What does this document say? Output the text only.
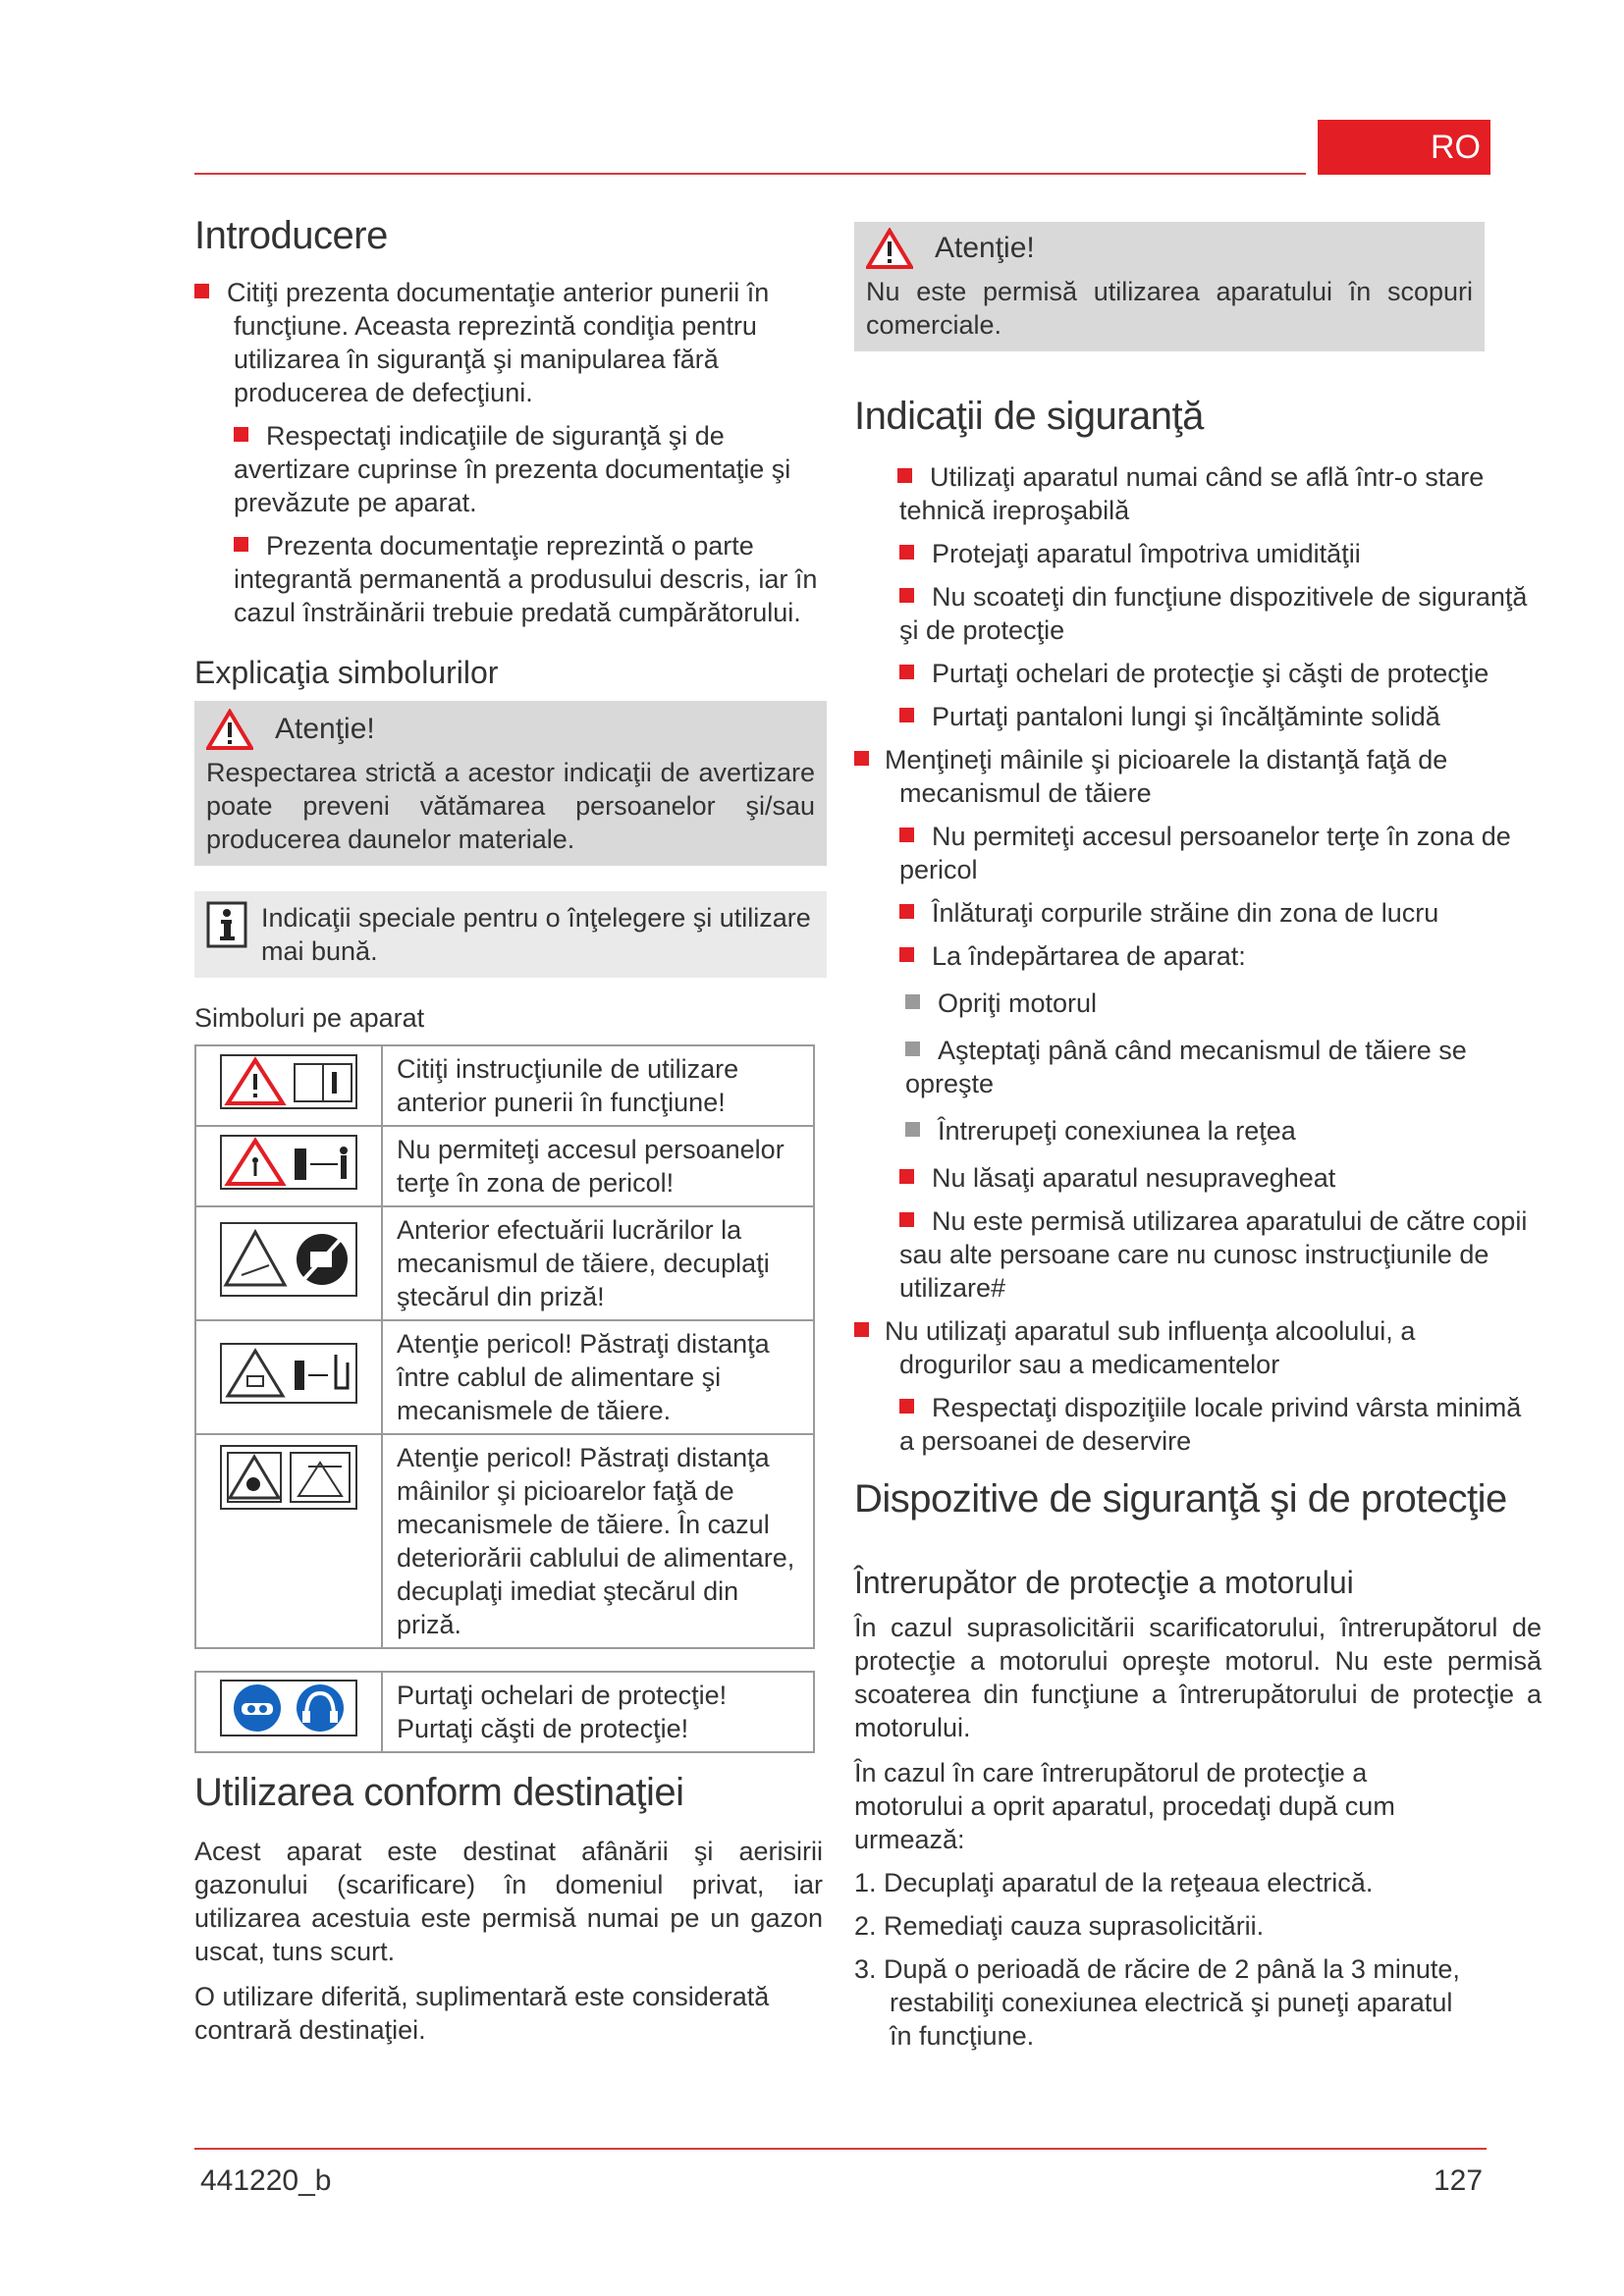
RO
Introducere
Citiţi prezenta documentaţie anterior punerii în funcţiune. Aceasta reprezintă condiţia pentru utilizarea în siguranţă şi manipularea fără producerea de defecţiuni.
Respectaţi indicaţiile de siguranţă şi de avertizare cuprinse în prezenta documentaţie şi prevăzute pe aparat.
Prezenta documentaţie reprezintă o parte integrantă permanentă a produsului descris, iar în cazul înstrăinării trebuie predată cumpărătorului.
Explicaţia simbolurilor
Atenţie!
Respectarea strictă a acestor indicaţii de avertizare poate preveni vătămarea persoanelor şi/sau producerea daunelor materiale.
Indicaţii speciale pentru o înţelegere şi utilizare mai bună.
Simboluri pe aparat
	Citiţi instrucţiunile de utilizare anterior punerii în funcţiune!
	Nu permiteţi accesul persoanelor terţe în zona de pericol!
	Anterior efectuării lucrărilor la mecanismul de tăiere, decuplaţi ştecărul din priză!
	Atenţie pericol! Păstraţi distanţa între cablul de alimentare şi mecanismele de tăiere.
	Atenţie pericol! Păstraţi distanţa mâinilor şi picioarelor faţă de mecanismele de tăiere. În cazul deteriorării cablului de alimentare, decuplaţi imediat ştecărul din priză.

Purtaţi ochelari de protecţie!
Purtaţi căşti de protecţie!
Utilizarea conform destinaţiei
Acest aparat este destinat afânării şi aerisirii gazonului (scarificare) în domeniul privat, iar utilizarea acestuia este permisă numai pe un gazon uscat, tuns scurt.
O utilizare diferită, suplimentară este considerată contrară destinaţiei.
Atenţie!
Nu este permisă utilizarea aparatului în scopuri comerciale.
Indicaţii de siguranţă
Utilizaţi aparatul numai când se află într-o stare tehnică ireproşabilă
Protejaţi aparatul împotriva umidităţii
Nu scoateţi din funcţiune dispozitivele de siguranţă şi de protecţie
Purtaţi ochelari de protecţie şi căşti de protecţie
Purtaţi pantaloni lungi şi încălţăminte solidă
Menţineţi mâinile şi picioarele la distanţă faţă de mecanismul de tăiere
Nu permiteţi accesul persoanelor terţe în zona de pericol
Înlăturaţi corpurile străine din zona de lucru
La îndepărtarea de aparat:
Opriţi motorul
Aşteptaţi până când mecanismul de tăiere se opreşte
Întrerupeţi conexiunea la reţea
Nu lăsaţi aparatul nesupravegheat
Nu este permisă utilizarea aparatului de către copii sau alte persoane care nu cunosc instrucţiunile de utilizare#
Nu utilizaţi aparatul sub influenţa alcoolului, a drogurilor sau a medicamentelor
Respectaţi dispoziţiile locale privind vârsta minimă a persoanei de deservire
Dispozitive de siguranţă şi de protecţie
Întrerupător de protecţie a motorului
În cazul suprasolicitării scarificatorului, întrerupătorul de protecţie a motorului opreşte motorul. Nu este permisă scoaterea din funcţiune a întrerupătorului de protecţie a motorului.
În cazul în care întrerupătorul de protecţie a motorului a oprit aparatul, procedaţi după cum urmează:
1. Decuplaţi aparatul de la reţeaua electrică.
2. Remediaţi cauza suprasolicitării.
3. După o perioadă de răcire de 2 până la 3 minute, restabiliţi conexiunea electrică şi puneţi aparatul în funcţiune.
441220_b	127
